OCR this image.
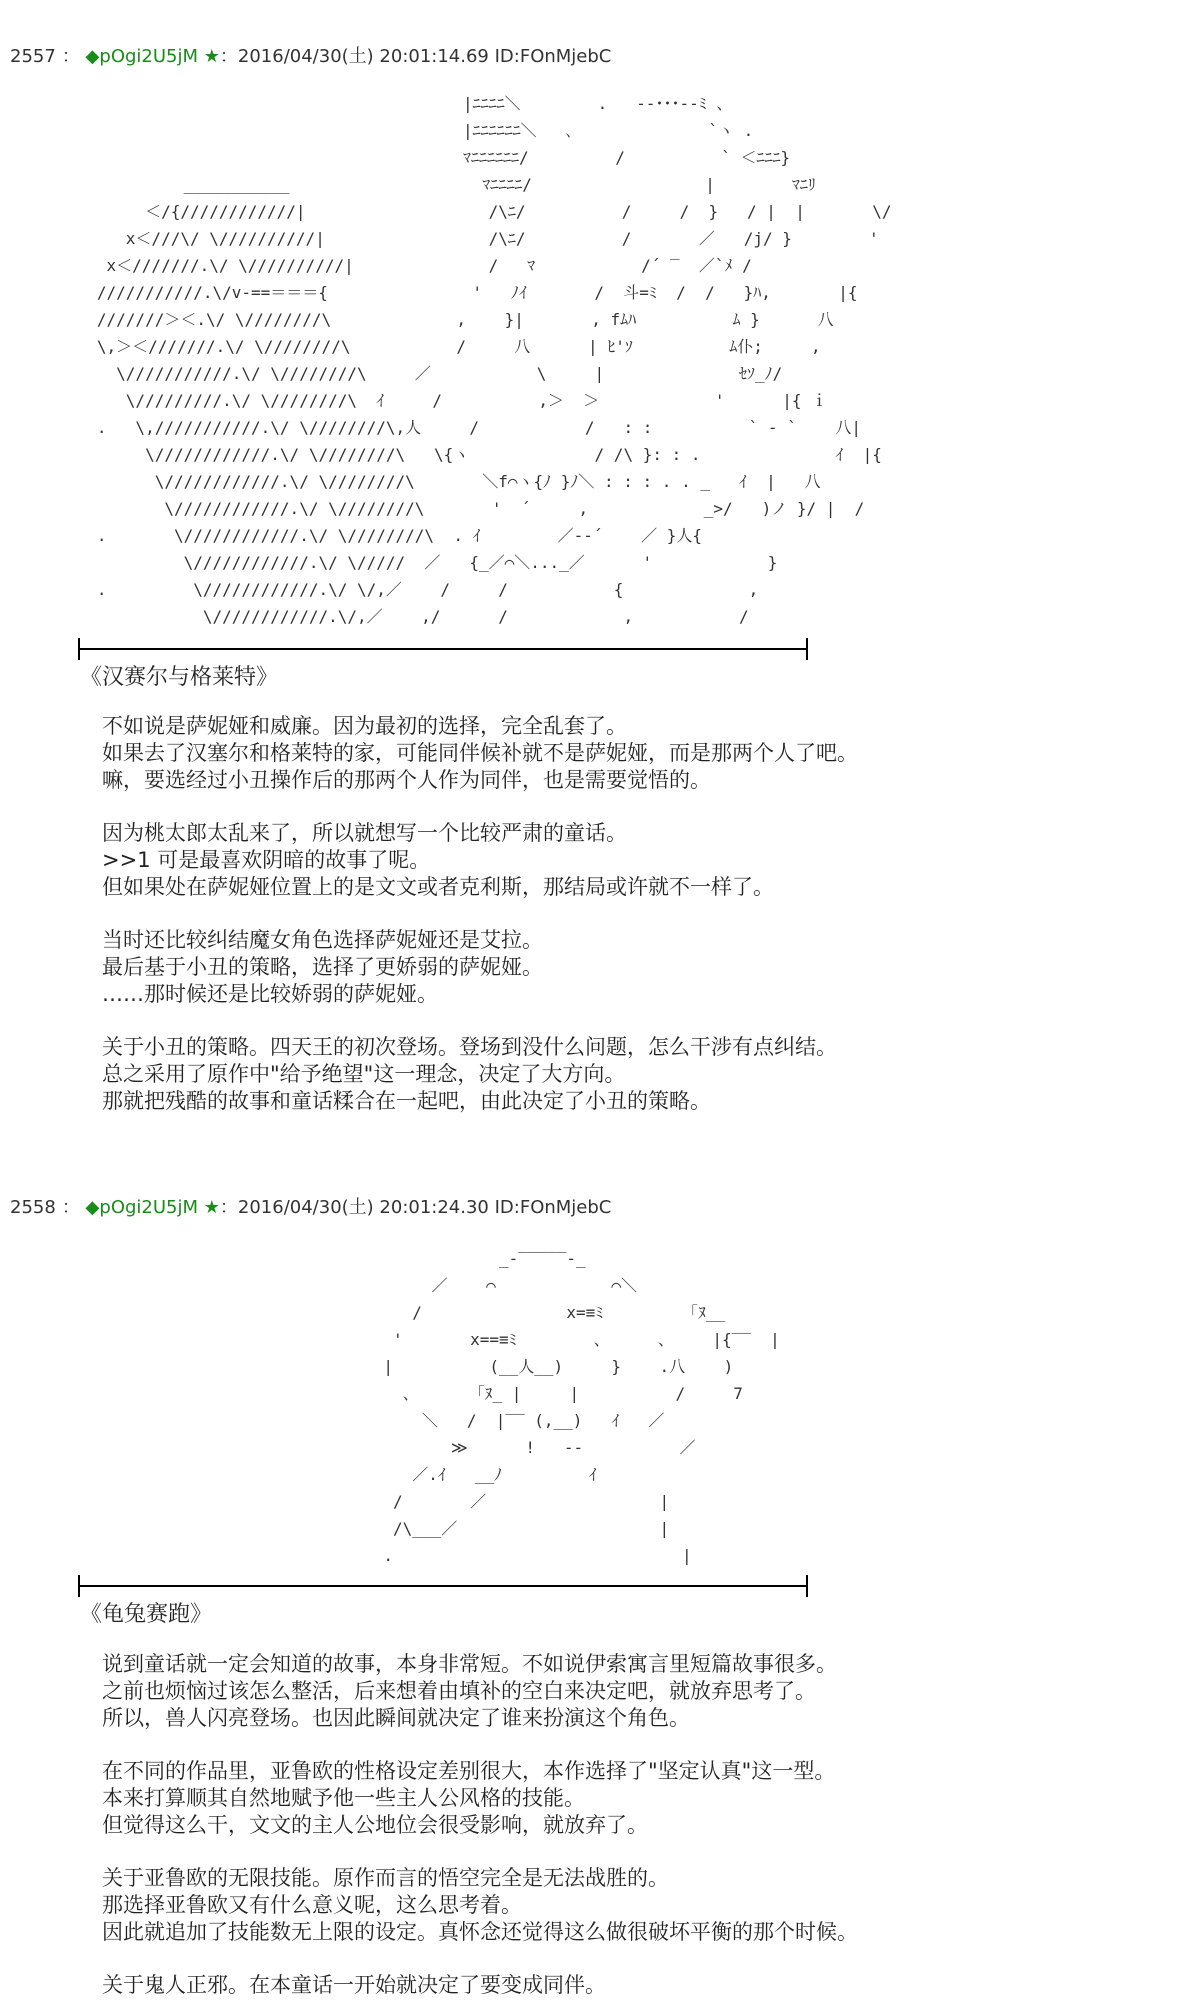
2557 ： ◆pOgi2U5jM ★：2016/04/30(土) 20:01:14.69 ID:FOnMjebC
|ﾆﾆﾆﾆ＼        .   ‐‐･･･‐‐ﾐ 、
|ﾆﾆﾆﾆﾆﾆ＼   ､              `ヽ .
ﾏﾆﾆﾆﾆﾆﾆ/         /          ` ＜ﾆﾆﾆ}
___________                    ﾏﾆﾆﾆﾆ/                  |        ﾏﾆﾘ
＜/{////////////|                   /\ﾆ/          /     /  }   / |  |       \/
x＜///\/ \//////////|                 /\ﾆ/          /       ／   /j/ }        '
x＜///////.\/ \//////////|              /   ﾏ           /´ ‾  ／`ﾒ /
///////////.\/v-==＝＝＝{               '   ﾉｲ       /  斗=ﾐ  /  /   }ﾊ,       |{
///////＞＜.\/ \////////\             ,    }|       , fﾑﾊ          ﾑ }      八
\,＞＜///////.\/ \////////\           /     八      | ﾋ'ｿ          ﾑ仆;     ,
\///////////.\/ \////////\     ／           \     |              ｾｿ_ﾉ/
\/////////.\/ \////////\  ｲ     /          ,＞  ＞            '      |{ ｉ
.   \,///////////.\/ \////////\,人     /           /   : :          ` - `    八|
\////////////.\/ \////////\   \{ヽ             / /\ }: : .              ｲ  |{
\////////////.\/ \////////\       ＼f⌒ヽ{ﾉ }ﾉ＼ : : : . . _   ｲ  |   八
\////////////.\/ \////////\       '  ´     ,            _>/   )ノ }/ |  /
.       \////////////.\/ \////////\  . ｲ        ／‐‐´    ／ }人{
\////////////.\/ \/////  ／   {_／⌒＼..._／      '            }
.         \////////////.\/ \/,／    /     /           {             ,
\////////////.\/,／    ,/      /            ,           /
《汉赛尔与格莱特》
不如说是萨妮娅和威廉。因为最初的选择，完全乱套了。
如果去了汉塞尔和格莱特的家，可能同伴候补就不是萨妮娅，而是那两个人了吧。
嘛，要选经过小丑操作后的那两个人作为同伴，也是需要觉悟的。
因为桃太郎太乱来了，所以就想写一个比较严肃的童话。
>>1 可是最喜欢阴暗的故事了呢。
但如果处在萨妮娅位置上的是文文或者克利斯，那结局或许就不一样了。
当时还比较纠结魔女角色选择萨妮娅还是艾拉。
最后基于小丑的策略，选择了更娇弱的萨妮娅。
……那时候还是比较娇弱的萨妮娅。
关于小丑的策略。四天王的初次登场。登场到没什么问题，怎么干涉有点纠结。
总之采用了原作中"给予绝望"这一理念，决定了大方向。
那就把残酷的故事和童话糅合在一起吧，由此决定了小丑的策略。
2558 ： ◆pOgi2U5jM ★：2016/04/30(土) 20:01:24.30 ID:FOnMjebC
_-‾‾‾‾‾-_
／    ⌒            ⌒＼
/               x=≡ﾐ         ｢ﾇ__
'       x==≡ﾐ        、     、    |{‾‾  |
|          (__人__)     }    .八    )
、      ｢ﾇ_ |     |          /     7
＼   /  |‾‾ (,__)   ｲ   ／
≫      !   ‐‐          ／
／.ｲ   __ﾉ         ｲ
/       ／                  |
/\___／                     |
.                              |
《龟兔赛跑》
说到童话就一定会知道的故事，本身非常短。不如说伊索寓言里短篇故事很多。
之前也烦恼过该怎么整活，后来想着由填补的空白来决定吧，就放弃思考了。
所以，兽人闪亮登场。也因此瞬间就决定了谁来扮演这个角色。
在不同的作品里，亚鲁欧的性格设定差别很大，本作选择了"坚定认真"这一型。
本来打算顺其自然地赋予他一些主人公风格的技能。
但觉得这么干，文文的主人公地位会很受影响，就放弃了。
关于亚鲁欧的无限技能。原作而言的悟空完全是无法战胜的。
那选择亚鲁欧又有什么意义呢，这么思考着。
因此就追加了技能数无上限的设定。真怀念还觉得这么做很破坏平衡的那个时候。
关于鬼人正邪。在本童话一开始就决定了要变成同伴。
